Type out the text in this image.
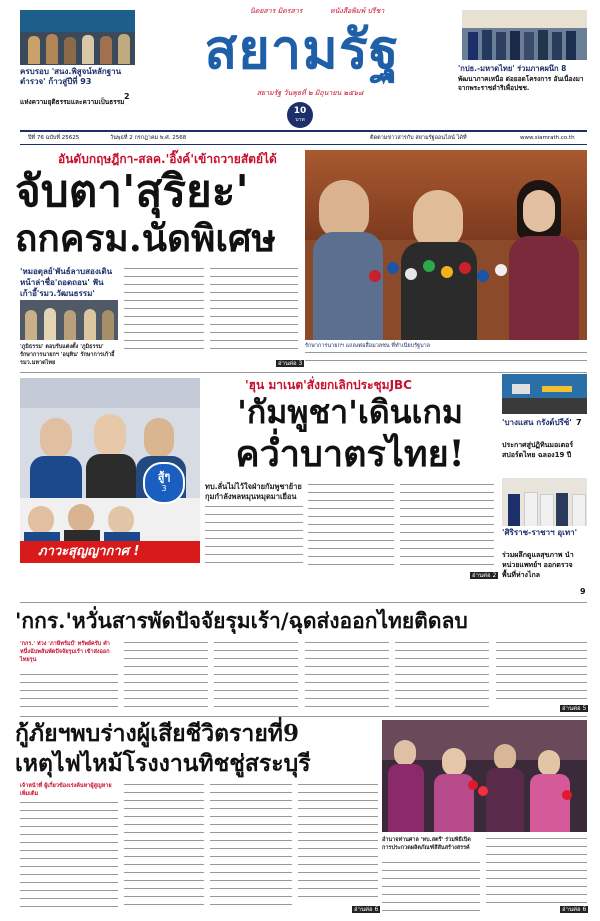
ครบรอบ 'สนง.พิสูจน์หลักฐาน ตำรวจ' ก้าวสู่ปีที่ 93
2
แห่งความยุติธรรมและความเป็นธรรม
นิตยสาร มิตรสาร	หนังสือพิมพ์ ปรีชา
สยามรัฐ
สยามรัฐ วันพุธที่ ๒ มิถุนายน ๒๕๖๘
10
บาท
'กปธ.-มหาดไทย' ร่วมภาคผนึก 8
พัฒนาภาคเหนือ ต่อยอดโครงการ อันเนื่องมาจากพระราชดำริเพื่อปชช.
ปีที่ 76 ฉบับที่ 25625	วันพุธที่ 2 กรกฎาคม พ.ศ. 2568	ติดตามข่าวสารกับ สยามรัฐออนไลน์ ได้ที่	www.siamrath.co.th
อันดับกฤษฎีกา-สลค.'อิ๊งค์'เข้าถวายสัตย์ได้
จับตา'สุริยะ'
ถกครม.นัดพิเศษ
'หมอตุลย์'พันธ์ลาบสองเดินหน้าล่าชื่อ'ถอดถอน' ฟันเก้าอี้'รมว.วัฒนธรรม'
'ภูมิธรรม' ตอบรับแต่งตั้ง 'ภูมิธรรม' รักษาการนายกฯ 'อนุทิน' รักษาการเก้าอี้ รมว.มหาดไทย	อ่านต่อ 3
รักษาการนายกฯ แถลงต่อสื่อมวลชน ที่ทำเนียบรัฐบาล
สู้ๆ
3
ภาวะสุญญากาศ !
'ฮุน มาเนต'สั่งยกเลิกประชุมJBC
'กัมพูชา'เดินเกม
คว่ำบาตรไทย!
ทบ.ลั่นไม่ไว้ใจฝ่ายกัมพูชาย้ายกุมกำลังพลหมุนหมุดมาเยือน
อ่านต่อ 2
'บางแสน กรังด์ปรีซ์' 7
ประกาศสู่ปฏิทินมอเตอร์สปอร์ตไทย ฉลอง19 ปี
'ศิริราช-ราชาฯ อุเทา'
ร่วมผลึกดูแลสุขภาพ นำหน่วยแพทย์ฯ ออกตรวจ พื้นที่ห่างไกล
9
'กกร.'หวั่นสารพัดปัจจัยรุมเร้า/ฉุดส่งออกไทยติดลบ
'กกร.' ห่วง 'ภาษีทรัมป์' ทรัพย์ครับ คำหนึ่งฉับพลันพัดปัจจัยรุมเร้า เข้าส่งออกไทยรุน
อ่านต่อ 5
กู้ภัยฯพบร่างผู้เสียชีวิตรายที่9
เหตุไฟไหม้โรงงานทิชชู่สระบุรี
เจ้าหน้าที่ ผู้เกี่ยวข้องเร่งค้นหาผู้สูญหายเพิ่มเติม
อ่านต่อ 6
อำนาจท่านศาล 'ทบ.สตรี' ร่วมพิธีเปิดการประกวดผลิตภัณฑ์สีสันสร้างสรรค์
อ่านต่อ 6
